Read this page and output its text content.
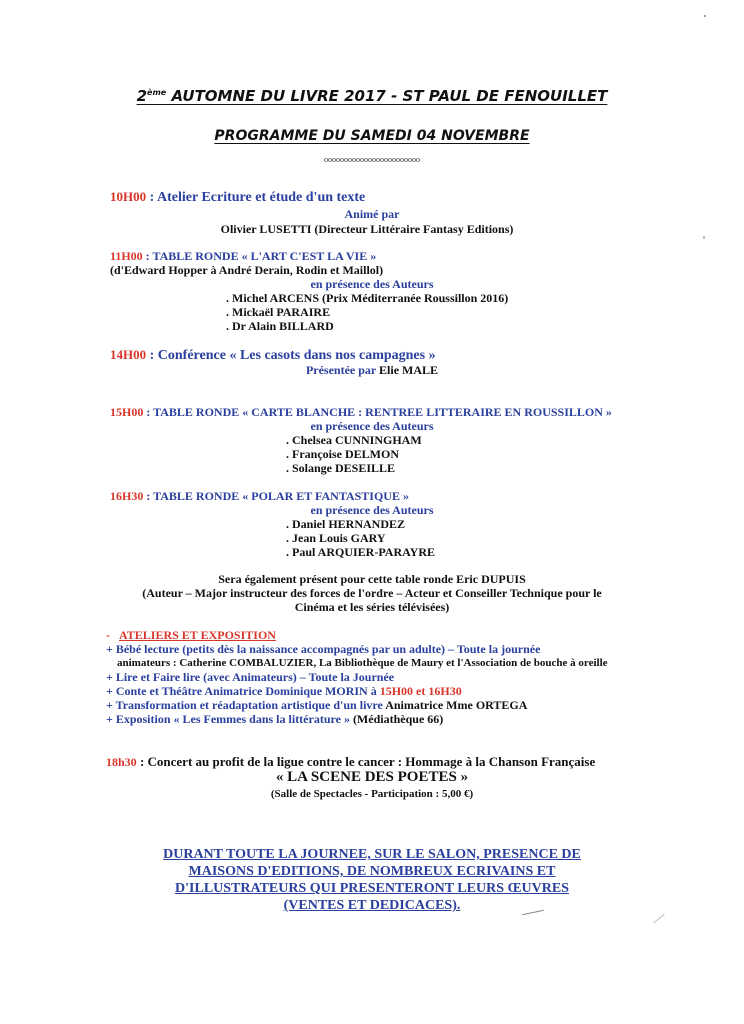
2ème AUTOMNE DU LIVRE 2017 - ST PAUL DE FENOUILLET
PROGRAMME DU SAMEDI 04 NOVEMBRE
oooooooooooooooooooooooo
10H00 : Atelier Ecriture et étude d'un texte
Animé par
Olivier LUSETTI (Directeur Littéraire Fantasy Editions)
11H00 : TABLE RONDE « L'ART C'EST LA VIE »
(d'Edward Hopper à André Derain, Rodin et Maillol)
en présence des Auteurs
. Michel ARCENS (Prix Méditerranée Roussillon 2016)
. Mickaël PARAIRE
. Dr Alain BILLARD
14H00 : Conférence « Les casots dans nos campagnes »
Présentée par Elie MALE
15H00 : TABLE RONDE « CARTE BLANCHE : RENTREE LITTERAIRE EN ROUSSILLON »
en présence des Auteurs
. Chelsea CUNNINGHAM
. Françoise DELMON
. Solange DESEILLE
16H30 : TABLE RONDE « POLAR ET FANTASTIQUE »
en présence des Auteurs
. Daniel HERNANDEZ
. Jean Louis GARY
. Paul ARQUIER-PARAYRE
Sera également présent pour cette table ronde Eric DUPUIS
(Auteur – Major instructeur des forces de l'ordre – Acteur et Conseiller Technique pour le
Cinéma et les séries télévisées)
- ATELIERS ET EXPOSITION
+ Bébé lecture (petits dès la naissance accompagnés par un adulte) – Toute la journée
animateurs : Catherine COMBALUZIER, La Bibliothèque de Maury et l'Association de bouche à oreille
+ Lire et Faire lire (avec Animateurs) – Toute la Journée
+ Conte et Théâtre Animatrice Dominique MORIN à 15H00 et 16H30
+ Transformation et réadaptation artistique d'un livre Animatrice Mme ORTEGA
+ Exposition « Les Femmes dans la littérature » (Médiathèque 66)
18h30 : Concert au profit de la ligue contre le cancer : Hommage à la Chanson Française
« LA SCENE DES POETES »
(Salle de Spectacles - Participation : 5,00 €)
DURANT TOUTE LA JOURNEE, SUR LE SALON, PRESENCE DE
MAISONS D'EDITIONS, DE NOMBREUX ECRIVAINS ET
D'ILLUSTRATEURS QUI PRESENTERONT LEURS ŒUVRES
(VENTES ET DEDICACES).
